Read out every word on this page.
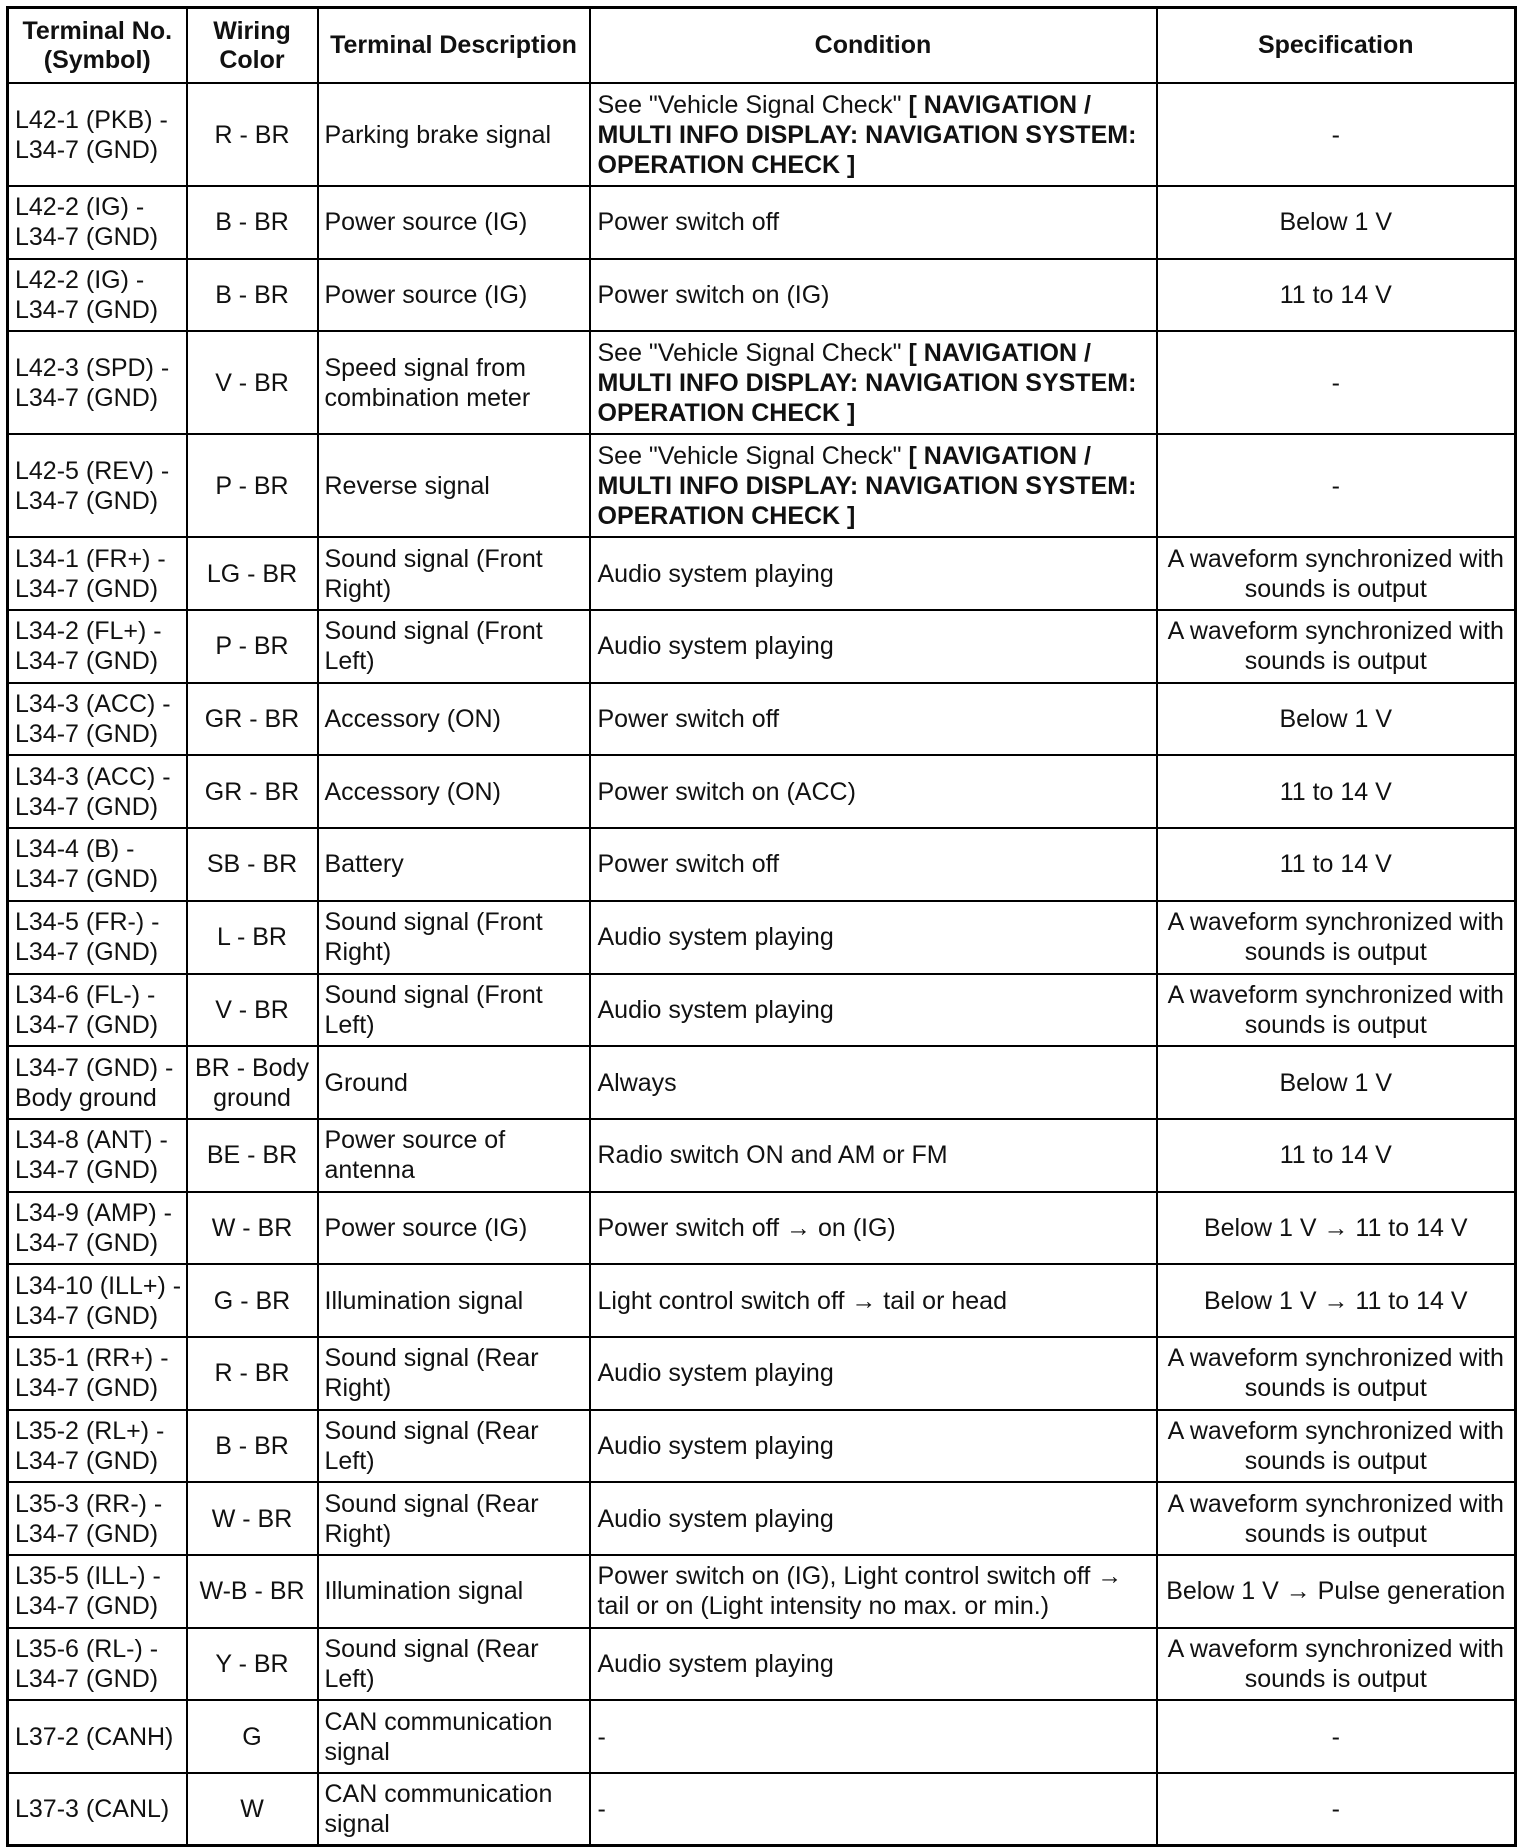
Terminal No. (Symbol)	Wiring Color	Terminal Description	Condition	Specification
L42-1 (PKB) - L34-7 (GND)	R - BR	Parking brake signal	See "Vehicle Signal Check" [ NAVIGATION / MULTI INFO DISPLAY: NAVIGATION SYSTEM: OPERATION CHECK ]	-
L42-2 (IG) - L34-7 (GND)	B - BR	Power source (IG)	Power switch off	Below 1 V
L42-2 (IG) - L34-7 (GND)	B - BR	Power source (IG)	Power switch on (IG)	11 to 14 V
L42-3 (SPD) - L34-7 (GND)	V - BR	Speed signal from combination meter	See "Vehicle Signal Check" [ NAVIGATION / MULTI INFO DISPLAY: NAVIGATION SYSTEM: OPERATION CHECK ]	-
L42-5 (REV) - L34-7 (GND)	P - BR	Reverse signal	See "Vehicle Signal Check" [ NAVIGATION / MULTI INFO DISPLAY: NAVIGATION SYSTEM: OPERATION CHECK ]	-
L34-1 (FR+) - L34-7 (GND)	LG - BR	Sound signal (Front Right)	Audio system playing	A waveform synchronized with sounds is output
L34-2 (FL+) - L34-7 (GND)	P - BR	Sound signal (Front Left)	Audio system playing	A waveform synchronized with sounds is output
L34-3 (ACC) - L34-7 (GND)	GR - BR	Accessory (ON)	Power switch off	Below 1 V
L34-3 (ACC) - L34-7 (GND)	GR - BR	Accessory (ON)	Power switch on (ACC)	11 to 14 V
L34-4 (B) - L34-7 (GND)	SB - BR	Battery	Power switch off	11 to 14 V
L34-5 (FR-) - L34-7 (GND)	L - BR	Sound signal (Front Right)	Audio system playing	A waveform synchronized with sounds is output
L34-6 (FL-) - L34-7 (GND)	V - BR	Sound signal (Front Left)	Audio system playing	A waveform synchronized with sounds is output
L34-7 (GND) - Body ground	BR - Body ground	Ground	Always	Below 1 V
L34-8 (ANT) - L34-7 (GND)	BE - BR	Power source of antenna	Radio switch ON and AM or FM	11 to 14 V
L34-9 (AMP) - L34-7 (GND)	W - BR	Power source (IG)	Power switch off → on (IG)	Below 1 V → 11 to 14 V
L34-10 (ILL+) - L34-7 (GND)	G - BR	Illumination signal	Light control switch off → tail or head	Below 1 V → 11 to 14 V
L35-1 (RR+) - L34-7 (GND)	R - BR	Sound signal (Rear Right)	Audio system playing	A waveform synchronized with sounds is output
L35-2 (RL+) - L34-7 (GND)	B - BR	Sound signal (Rear Left)	Audio system playing	A waveform synchronized with sounds is output
L35-3 (RR-) - L34-7 (GND)	W - BR	Sound signal (Rear Right)	Audio system playing	A waveform synchronized with sounds is output
L35-5 (ILL-) - L34-7 (GND)	W-B - BR	Illumination signal	Power switch on (IG), Light control switch off → tail or on (Light intensity no max. or min.)	Below 1 V → Pulse generation
L35-6 (RL-) - L34-7 (GND)	Y - BR	Sound signal (Rear Left)	Audio system playing	A waveform synchronized with sounds is output
L37-2 (CANH)	G	CAN communication signal	-	-
L37-3 (CANL)	W	CAN communication signal	-	-
